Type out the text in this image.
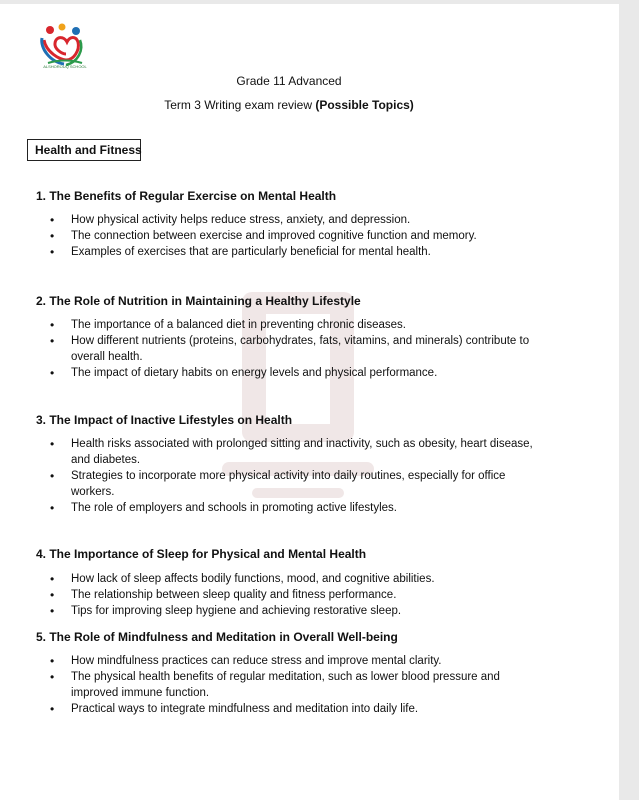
ALSHOROUQ SCHOOL
Grade 11 Advanced
Term 3 Writing exam review (Possible Topics)
Health and Fitness
1. The Benefits of Regular Exercise on Mental Health
• How physical activity helps reduce stress, anxiety, and depression.
• The connection between exercise and improved cognitive function and memory.
• Examples of exercises that are particularly beneficial for mental health.
2. The Role of Nutrition in Maintaining a Healthy Lifestyle
• The importance of a balanced diet in preventing chronic diseases.
• How different nutrients (proteins, carbohydrates, fats, vitamins, and minerals) contribute to overall health.
• The impact of dietary habits on energy levels and physical performance.
3. The Impact of Inactive Lifestyles on Health
• Health risks associated with prolonged sitting and inactivity, such as obesity, heart disease, and diabetes.
• Strategies to incorporate more physical activity into daily routines, especially for office workers.
• The role of employers and schools in promoting active lifestyles.
4. The Importance of Sleep for Physical and Mental Health
• How lack of sleep affects bodily functions, mood, and cognitive abilities.
• The relationship between sleep quality and fitness performance.
• Tips for improving sleep hygiene and achieving restorative sleep.
5. The Role of Mindfulness and Meditation in Overall Well-being
• How mindfulness practices can reduce stress and improve mental clarity.
• The physical health benefits of regular meditation, such as lower blood pressure and improved immune function.
• Practical ways to integrate mindfulness and meditation into daily life.
